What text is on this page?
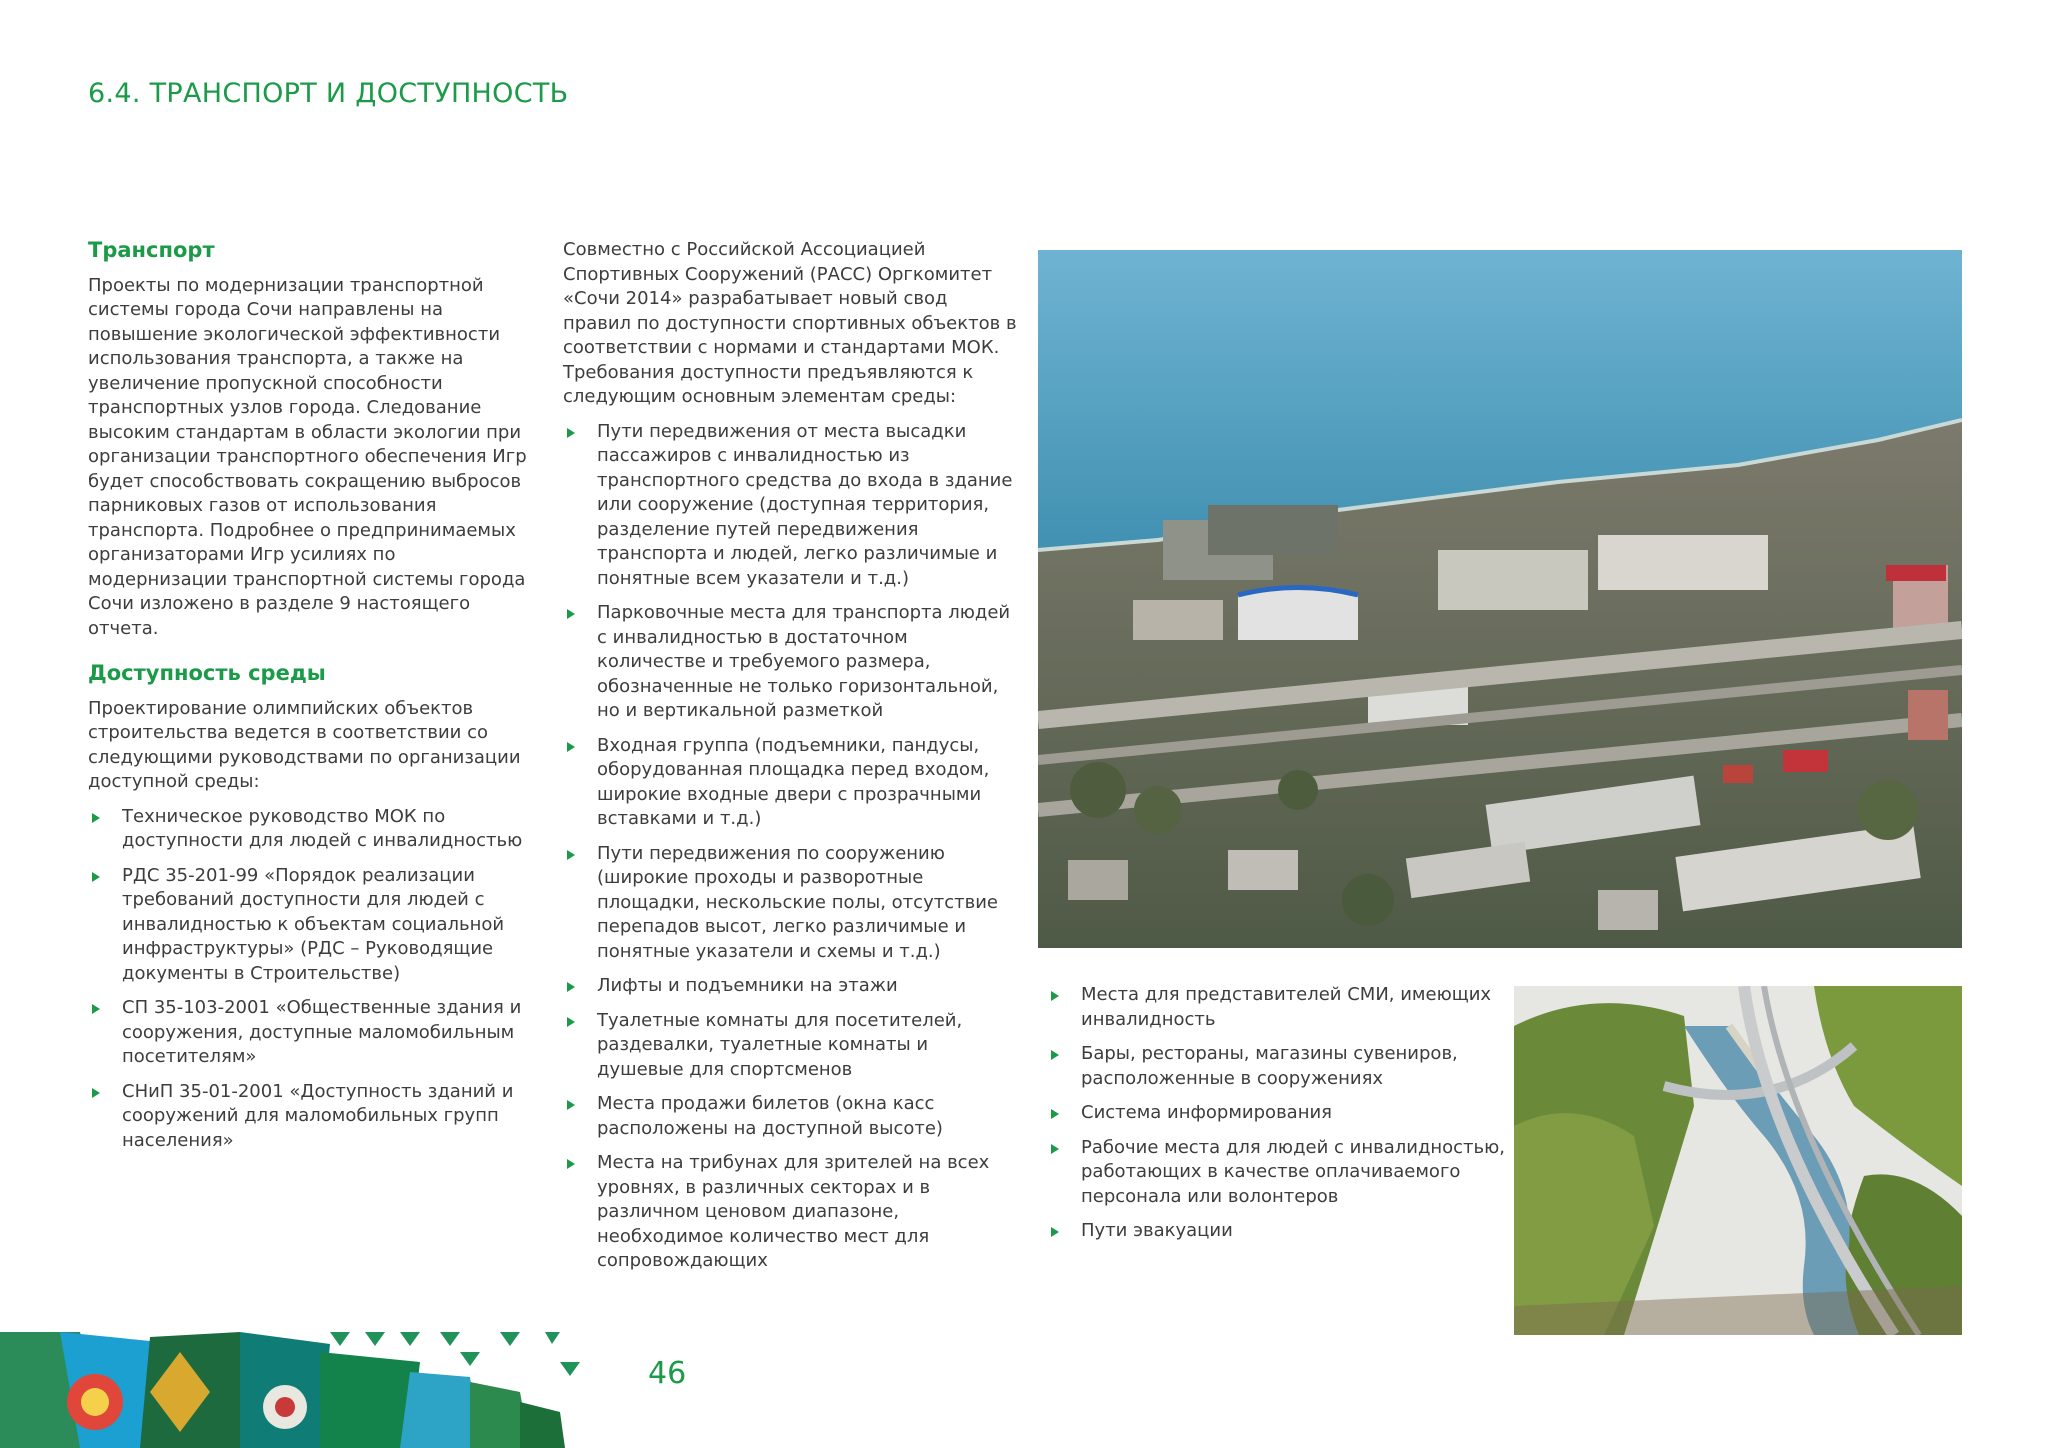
6.4. ТРАНСПОРТ И ДОСТУПНОСТЬ
Транспорт

Проекты по модернизации транспортной системы города Сочи направлены на повышение экологической эффективности использования транспорта, а также на увеличение пропускной способности транспортных узлов города. Следование высоким стандартам в области экологии при организации транспортного обеспечения Игр будет способствовать сокращению выбросов парниковых газов от использования транспорта. Подробнее о предпринимаемых организаторами Игр усилиях по модернизации транспортной системы города Сочи изложено в разделе 9 настоящего отчета.

Доступность среды

Проектирование олимпийских объектов строительства ведется в соответствии со следующими руководствами по организации доступной среды:

Техническое руководство МОК по доступности для людей с инвалидностью
РДС 35-201-99 «Порядок реализации требований доступности для людей с инвалидностью к объектам социальной инфраструктуры» (РДС – Руководящие документы в Строительстве)
СП 35-103-2001 «Общественные здания и сооружения, доступные маломобильным посетителям»
СНиП 35-01-2001 «Доступность зданий и сооружений для маломобильных групп населения»

Совместно с Российской Ассоциацией Спортивных Сооружений (РАСС) Оргкомитет «Сочи 2014» разрабатывает новый свод правил по доступности спортивных объектов в соответствии с нормами и стандартами МОК. Требования доступности предъявляются к следующим основным элементам среды:

Пути передвижения от места высадки пассажиров с инвалидностью из транспортного средства до входа в здание или сооружение (доступная территория, разделение путей передвижения транспорта и людей, легко различимые и понятные всем указатели и т.д.)
Парковочные места для транспорта людей с инвалидностью в достаточном количестве и требуемого размера, обозначенные не только горизонтальной, но и вертикальной разметкой
Входная группа (подъемники, пандусы, оборудованная площадка перед входом, широкие входные двери с прозрачными вставками и т.д.)
Пути передвижения по сооружению (широкие проходы и разворотные площадки, нескольские полы, отсутствие перепадов высот, легко различимые и понятные указатели и схемы и т.д.)
Лифты и подъемники на этажи
Туалетные комнаты для посетителей, раздевалки, туалетные комнаты и душевые для спортсменов
Места продажи билетов (окна касс расположены на доступной высоте)
Места на трибунах для зрителей на всех уровнях, в различных секторах и в различном ценовом диапазоне, необходимое количество мест для сопровождающих
Места для представителей СМИ, имеющих инвалидность
Бары, рестораны, магазины сувениров, расположенные в сооружениях
Система информирования
Рабочие места для людей с инвалидностью, работающих в качестве оплачиваемого персонала или волонтеров
Пути эвакуации
46
